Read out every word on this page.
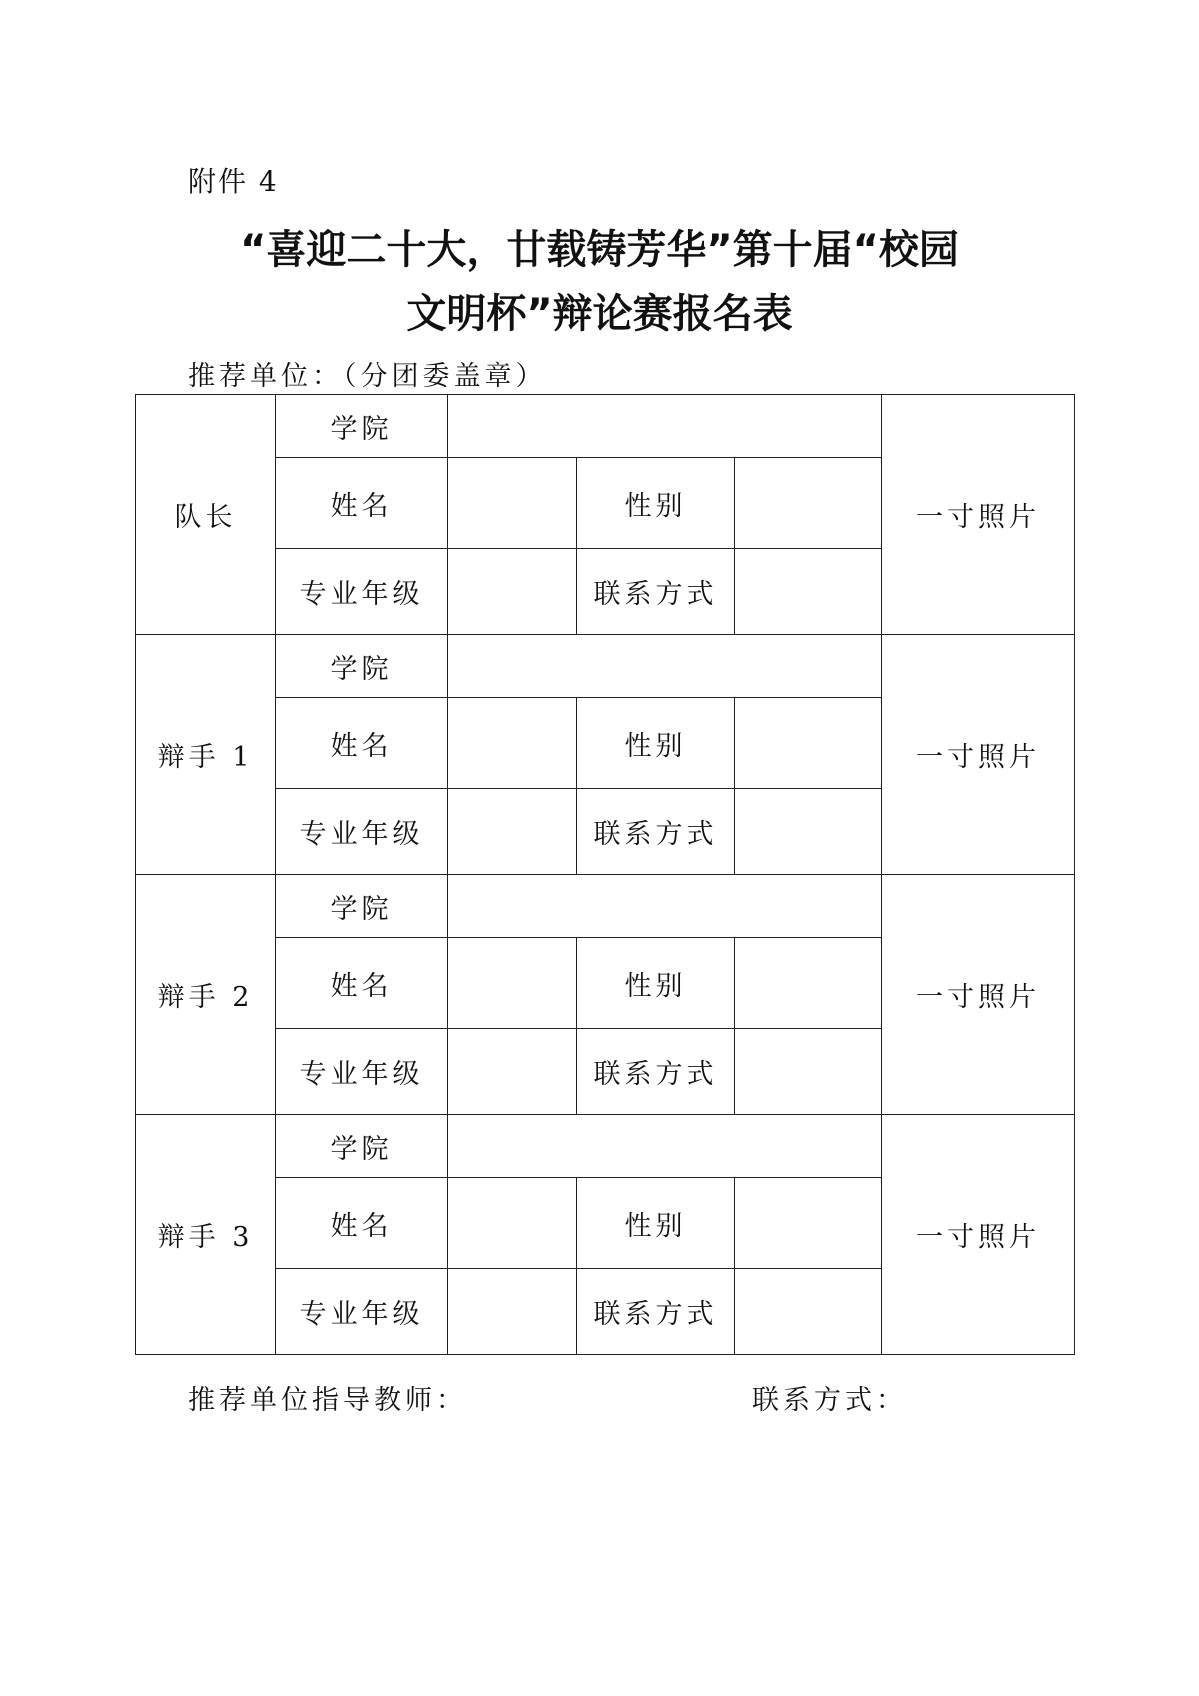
附件 4
“喜迎二十大，廿载铸芳华”第十届“校园
文明杯”辩论赛报名表
推荐单位：（分团委盖章）
队长	学院				一寸照片
	姓名		性别		
	专业年级		联系方式		
辩手 1	学院				一寸照片
	姓名		性别		
	专业年级		联系方式		
辩手 2	学院				一寸照片
	姓名		性别		
	专业年级		联系方式		
辩手 3	学院				一寸照片
	姓名		性别		
	专业年级		联系方式		
推荐单位指导教师：	联系方式：
